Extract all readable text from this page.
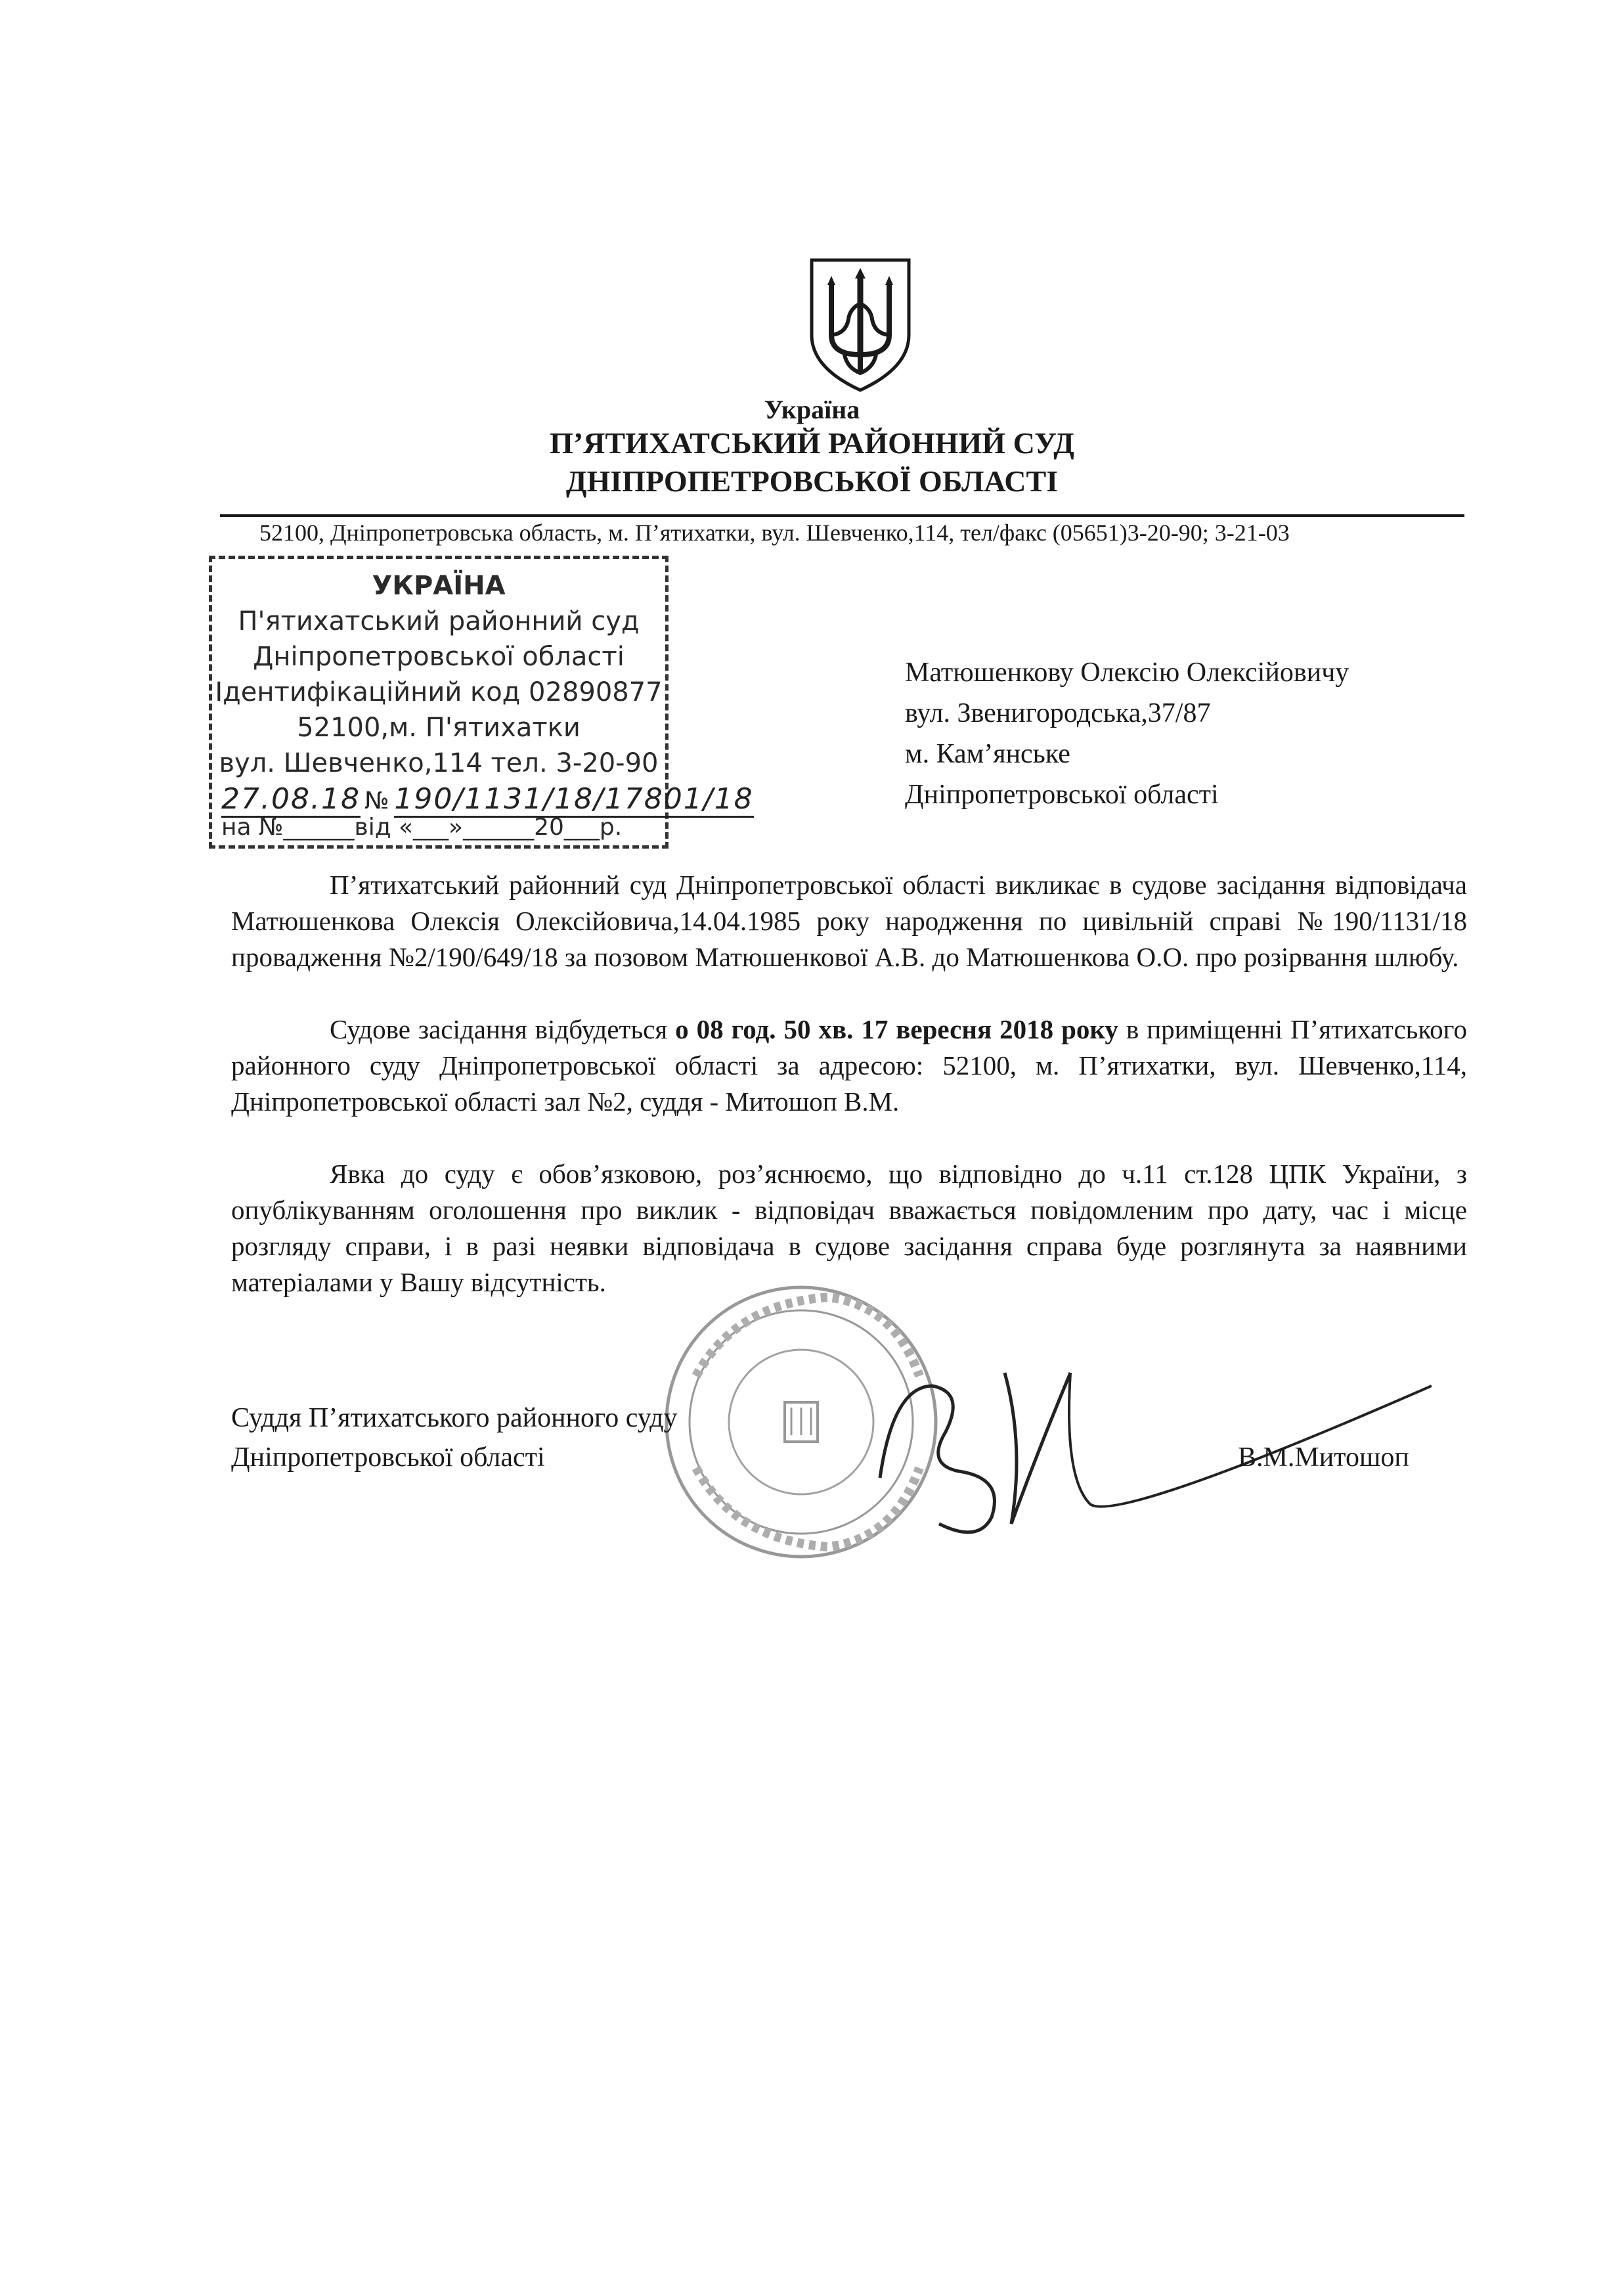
Україна
П’ЯТИХАТСЬКИЙ РАЙОННИЙ СУД
ДНІПРОПЕТРОВСЬКОЇ ОБЛАСТІ
52100, Дніпропетровська область, м. П’ятихатки, вул. Шевченко,114, тел/факс (05651)3-20-90; 3-21-03
УКРАЇНА
П'ятихатський районний суд
Дніпропетровської області
Ідентифікаційний код 02890877
52100,м. П'ятихатки
вул. Шевченко,114 тел. 3-20-90
27.08.18 № 190/1131/18/17801/18
на №______від «___»______20___р.
Матюшенкову Олексію Олексійовичу
вул. Звенигородська,37/87
м. Кам’янське
Дніпропетровської області
П’ятихатський районний суд Дніпропетровської області викликає в судове засідання відповідача Матюшенкова Олексія Олексійовича,14.04.1985 року народження по цивільній справі №190/1131/18 провадження №2/190/649/18 за позовом Матюшенкової А.В. до Матюшенкова О.О. про розірвання шлюбу.
Судове засідання відбудеться о 08 год. 50 хв. 17 вересня 2018 року в приміщенні П’ятихатського районного суду Дніпропетровської області за адресою: 52100, м. П’ятихатки, вул. Шевченко,114, Дніпропетровської області зал №2, суддя - Митошоп В.М.
Явка до суду є обов’язковою, роз’яснюємо, що відповідно до ч.11 ст.128 ЦПК України, з опублікуванням оголошення про виклик - відповідач вважається повідомленим про дату, час і місце розгляду справи, і в разі неявки відповідача в судове засідання справа буде розглянута за наявними матеріалами у Вашу відсутність.
Суддя П’ятихатського районного суду
Дніпропетровської області	В.М.Митошоп
